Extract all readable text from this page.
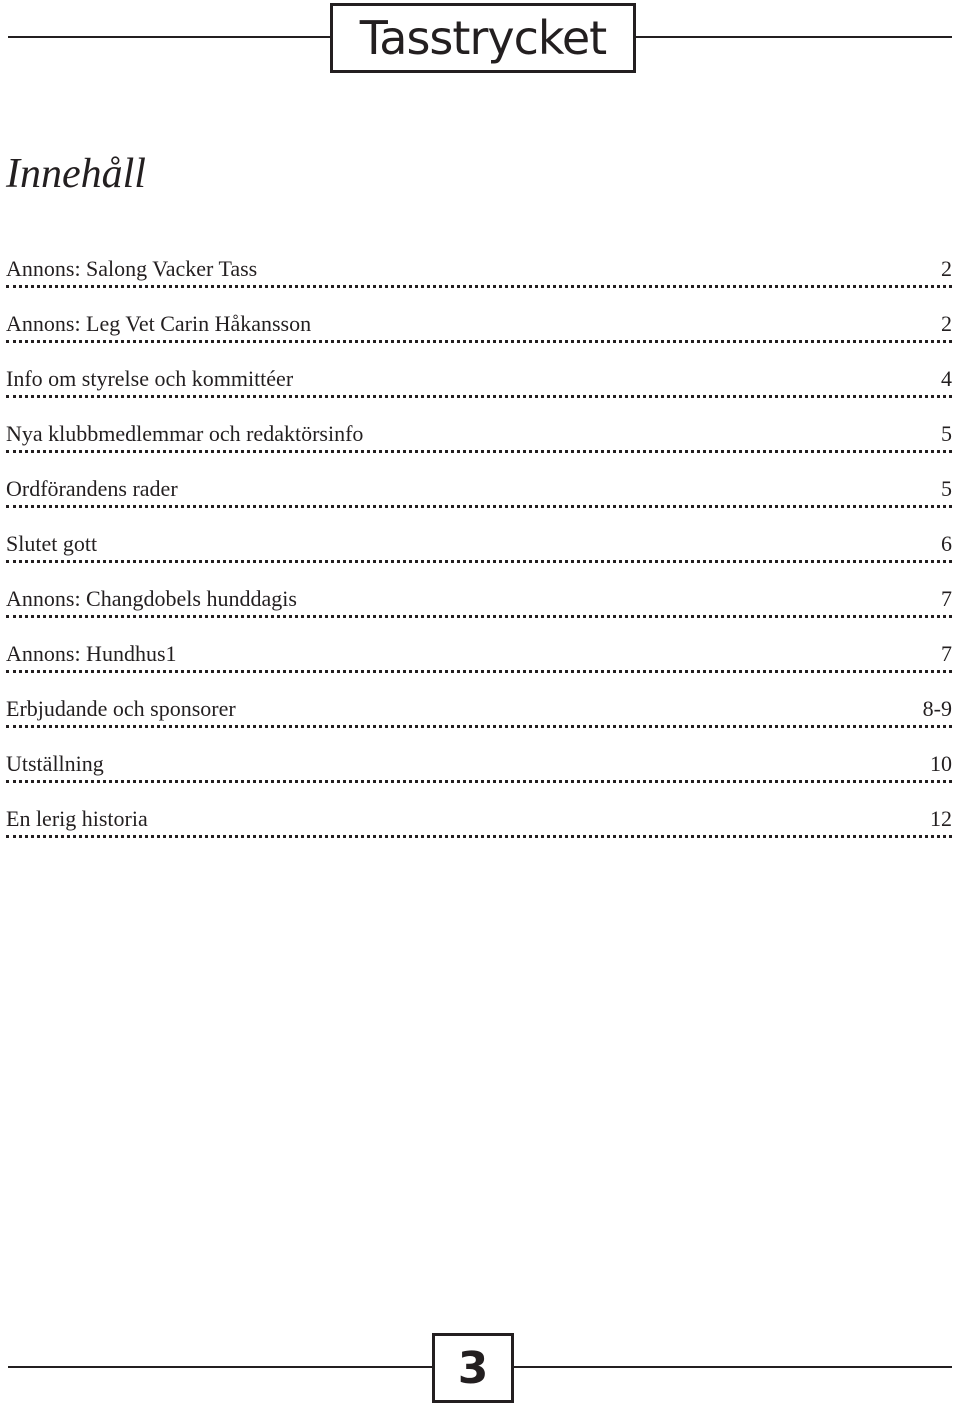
Tasstrycket
Innehåll
Annons: Salong Vacker Tass	2
Annons: Leg Vet Carin Håkansson	2
Info om styrelse och kommittéer	4
Nya klubbmedlemmar och redaktörsinfo	5
Ordförandens rader	5
Slutet gott	6
Annons: Changdobels hunddagis	7
Annons: Hundhus1	7
Erbjudande och sponsorer	8-9
Utställning	10
En lerig historia	12
3
